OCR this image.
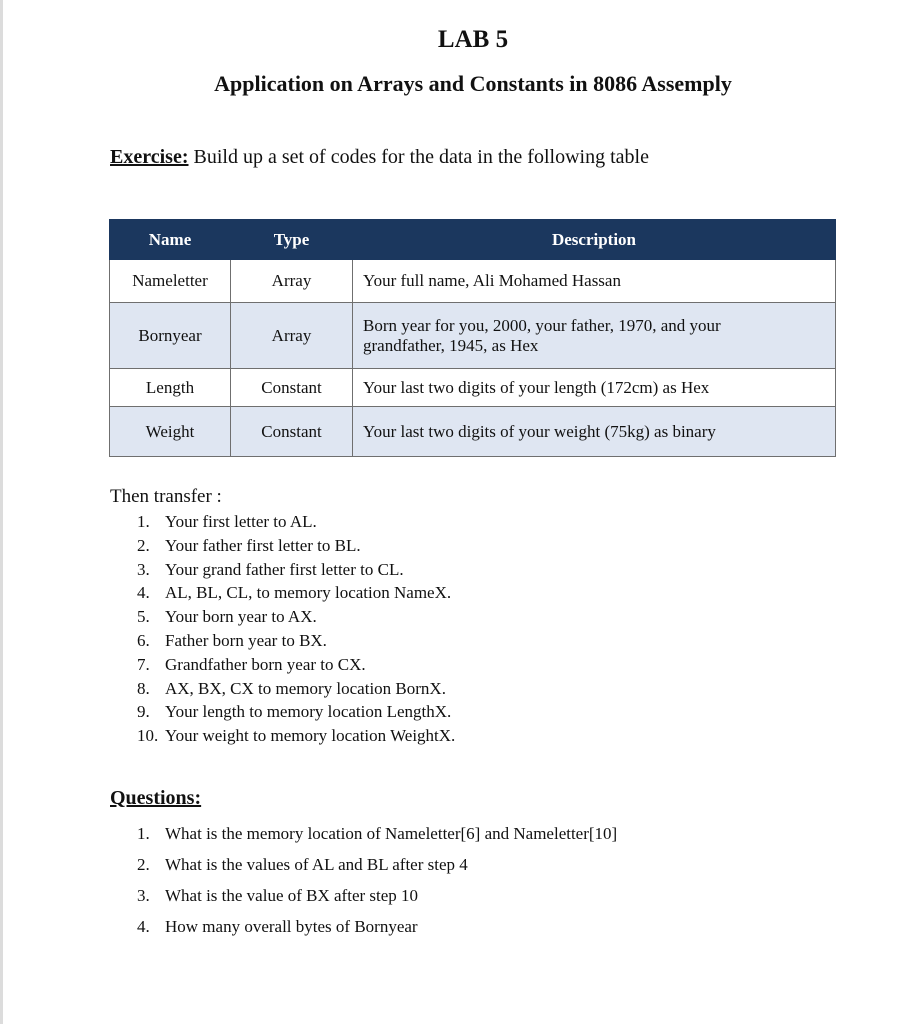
LAB 5
Application on Arrays and Constants in 8086 Assemply
Exercise: Build up a set of codes for the data in the following table
Name	Type	Description
Nameletter	Array	Your full name, Ali Mohamed Hassan
Bornyear	Array	Born year for you, 2000, your father, 1970, and your
grandfather, 1945, as Hex

Length	Constant	Your last two digits of your length (172cm) as Hex
Weight	Constant	Your last two digits of your weight (75kg) as binary
Then transfer :
1. Your first letter to AL.
2. Your father first letter to BL.
3. Your grand father first letter to CL.
4. AL, BL, CL, to memory location NameX.
5. Your born year to AX.
6. Father born year to BX.
7. Grandfather born year to CX.
8. AX, BX, CX to memory location BornX.
9. Your length to memory location LengthX.
10. Your weight to memory location WeightX.
Questions:
1. What is the memory location of Nameletter[6] and Nameletter[10]
2. What is the values of AL and BL after step 4
3. What is the value of BX after step 10
4. How many overall bytes of Bornyear
